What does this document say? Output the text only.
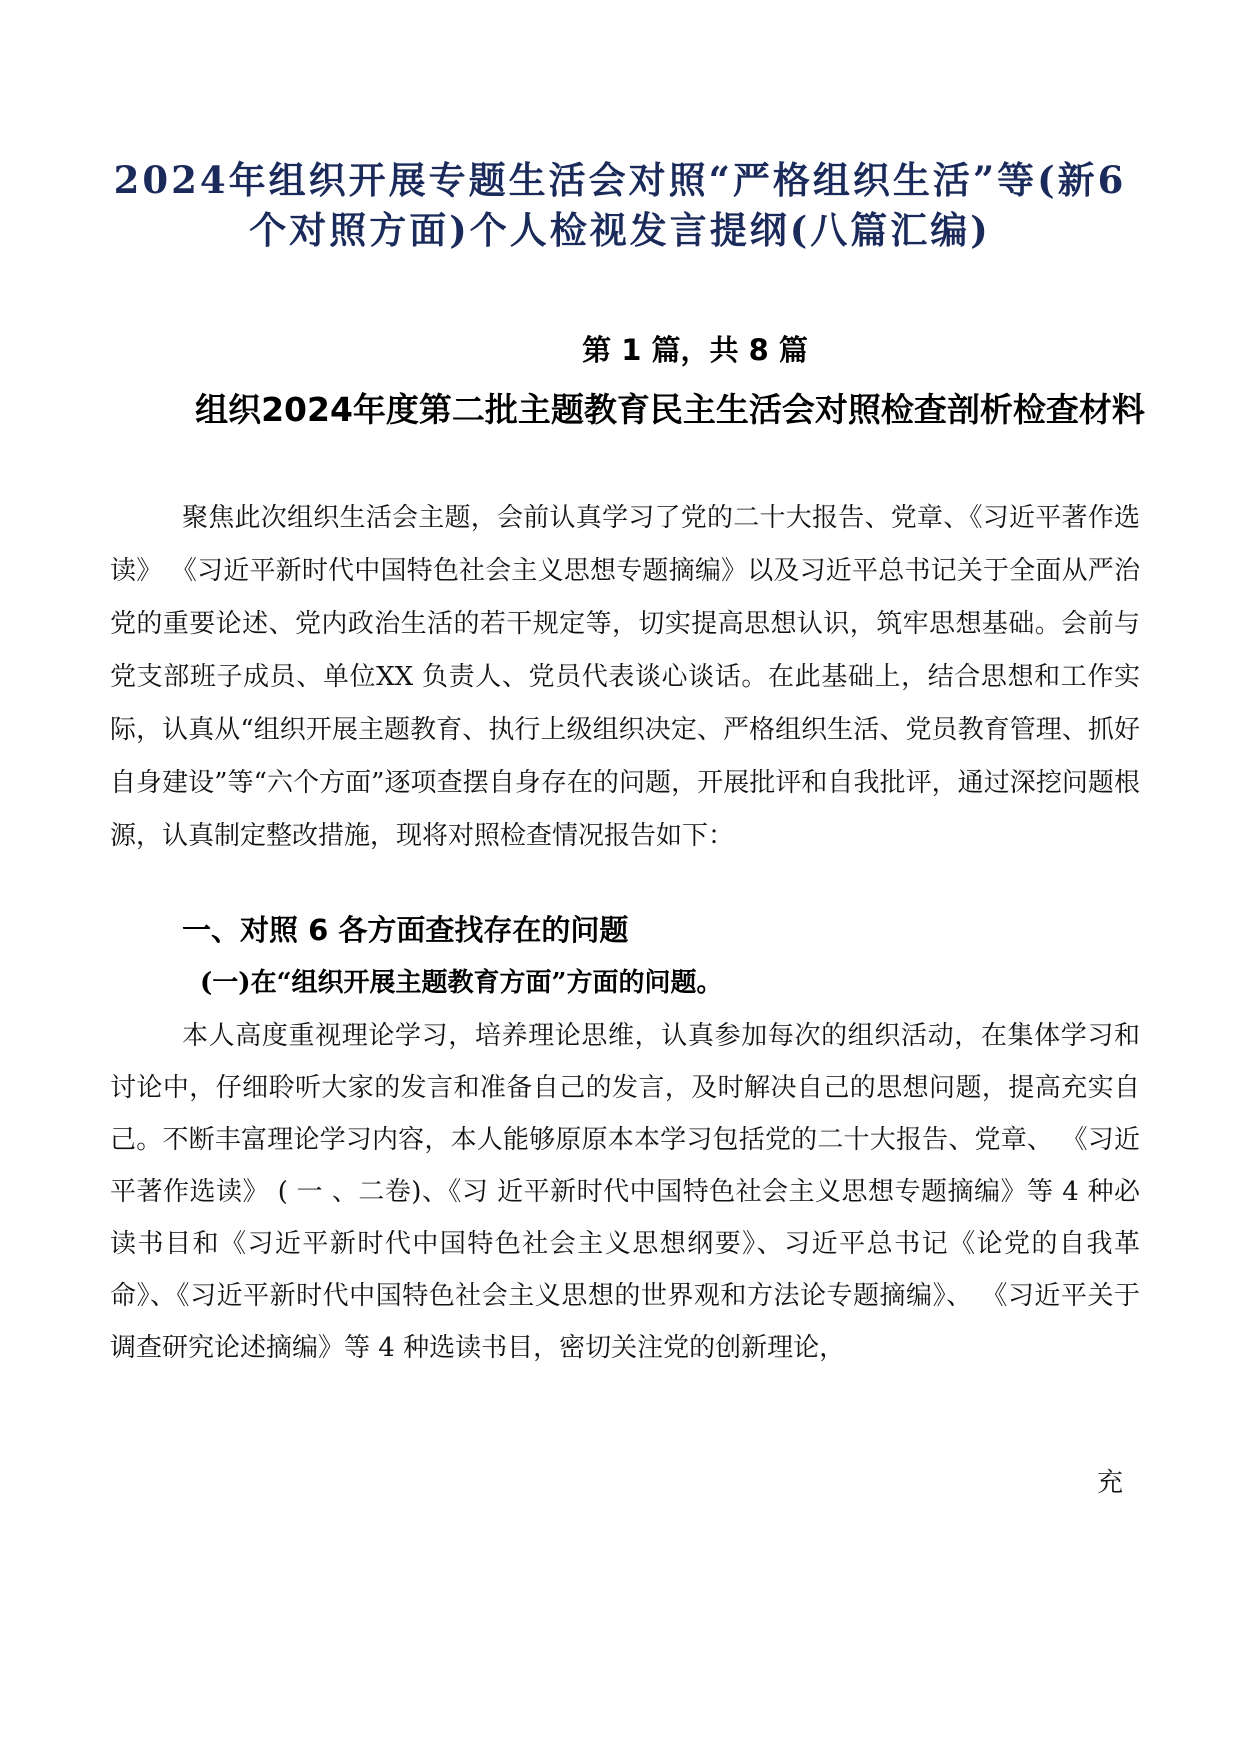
2024年组织开展专题生活会对照“严格组织生活”等(新6个对照方面)个人检视发言提纲(八篇汇编)
第 1 篇，共 8 篇
组织2024年度第二批主题教育民主生活会对照检查剖析检查材料

聚焦此次组织生活会主题，会前认真学习了党的二十大报告、党章、《习近平著作选读》 《习近平新时代中国特色社会主义思想专题摘编》以及习近平总书记关于全面从严治党的重要论述、党内政治生活的若干规定等，切实提高思想认识，筑牢思想基础。会前与党支部班子成员、单位XX 负责人、党员代表谈心谈话。在此基础上，结合思想和工作实际，认真从“组织开展主题教育、执行上级组织决定、严格组织生活、党员教育管理、抓好自身建设”等“六个方面”逐项查摆自身存在的问题，开展批评和自我批评，通过深挖问题根源，认真制定整改措施，现将对照检查情况报告如下：

一、对照 6 各方面查找存在的问题
(一)在“组织开展主题教育方面”方面的问题。

本人高度重视理论学习，培养理论思维，认真参加每次的组织活动，在集体学习和讨论中，仔细聆听大家的发言和准备自己的发言，及时解决自己的思想问题，提高充实自己。不断丰富理论学习内容，本人能够原原本本学习包括党的二十大报告、党章、 《习近平著作选读》 ( 一 、二卷)、《习 近平新时代中国特色社会主义思想专题摘编》等 4 种必读书目和《习近平新时代中国特色社会主义思想纲要》、习近平总书记《论党的自我革命》、《习近平新时代中国特色社会主义思想的世界观和方法论专题摘编》、 《习近平关于调查研究论述摘编》等 4 种选读书目，密切关注党的创新理论，

充
